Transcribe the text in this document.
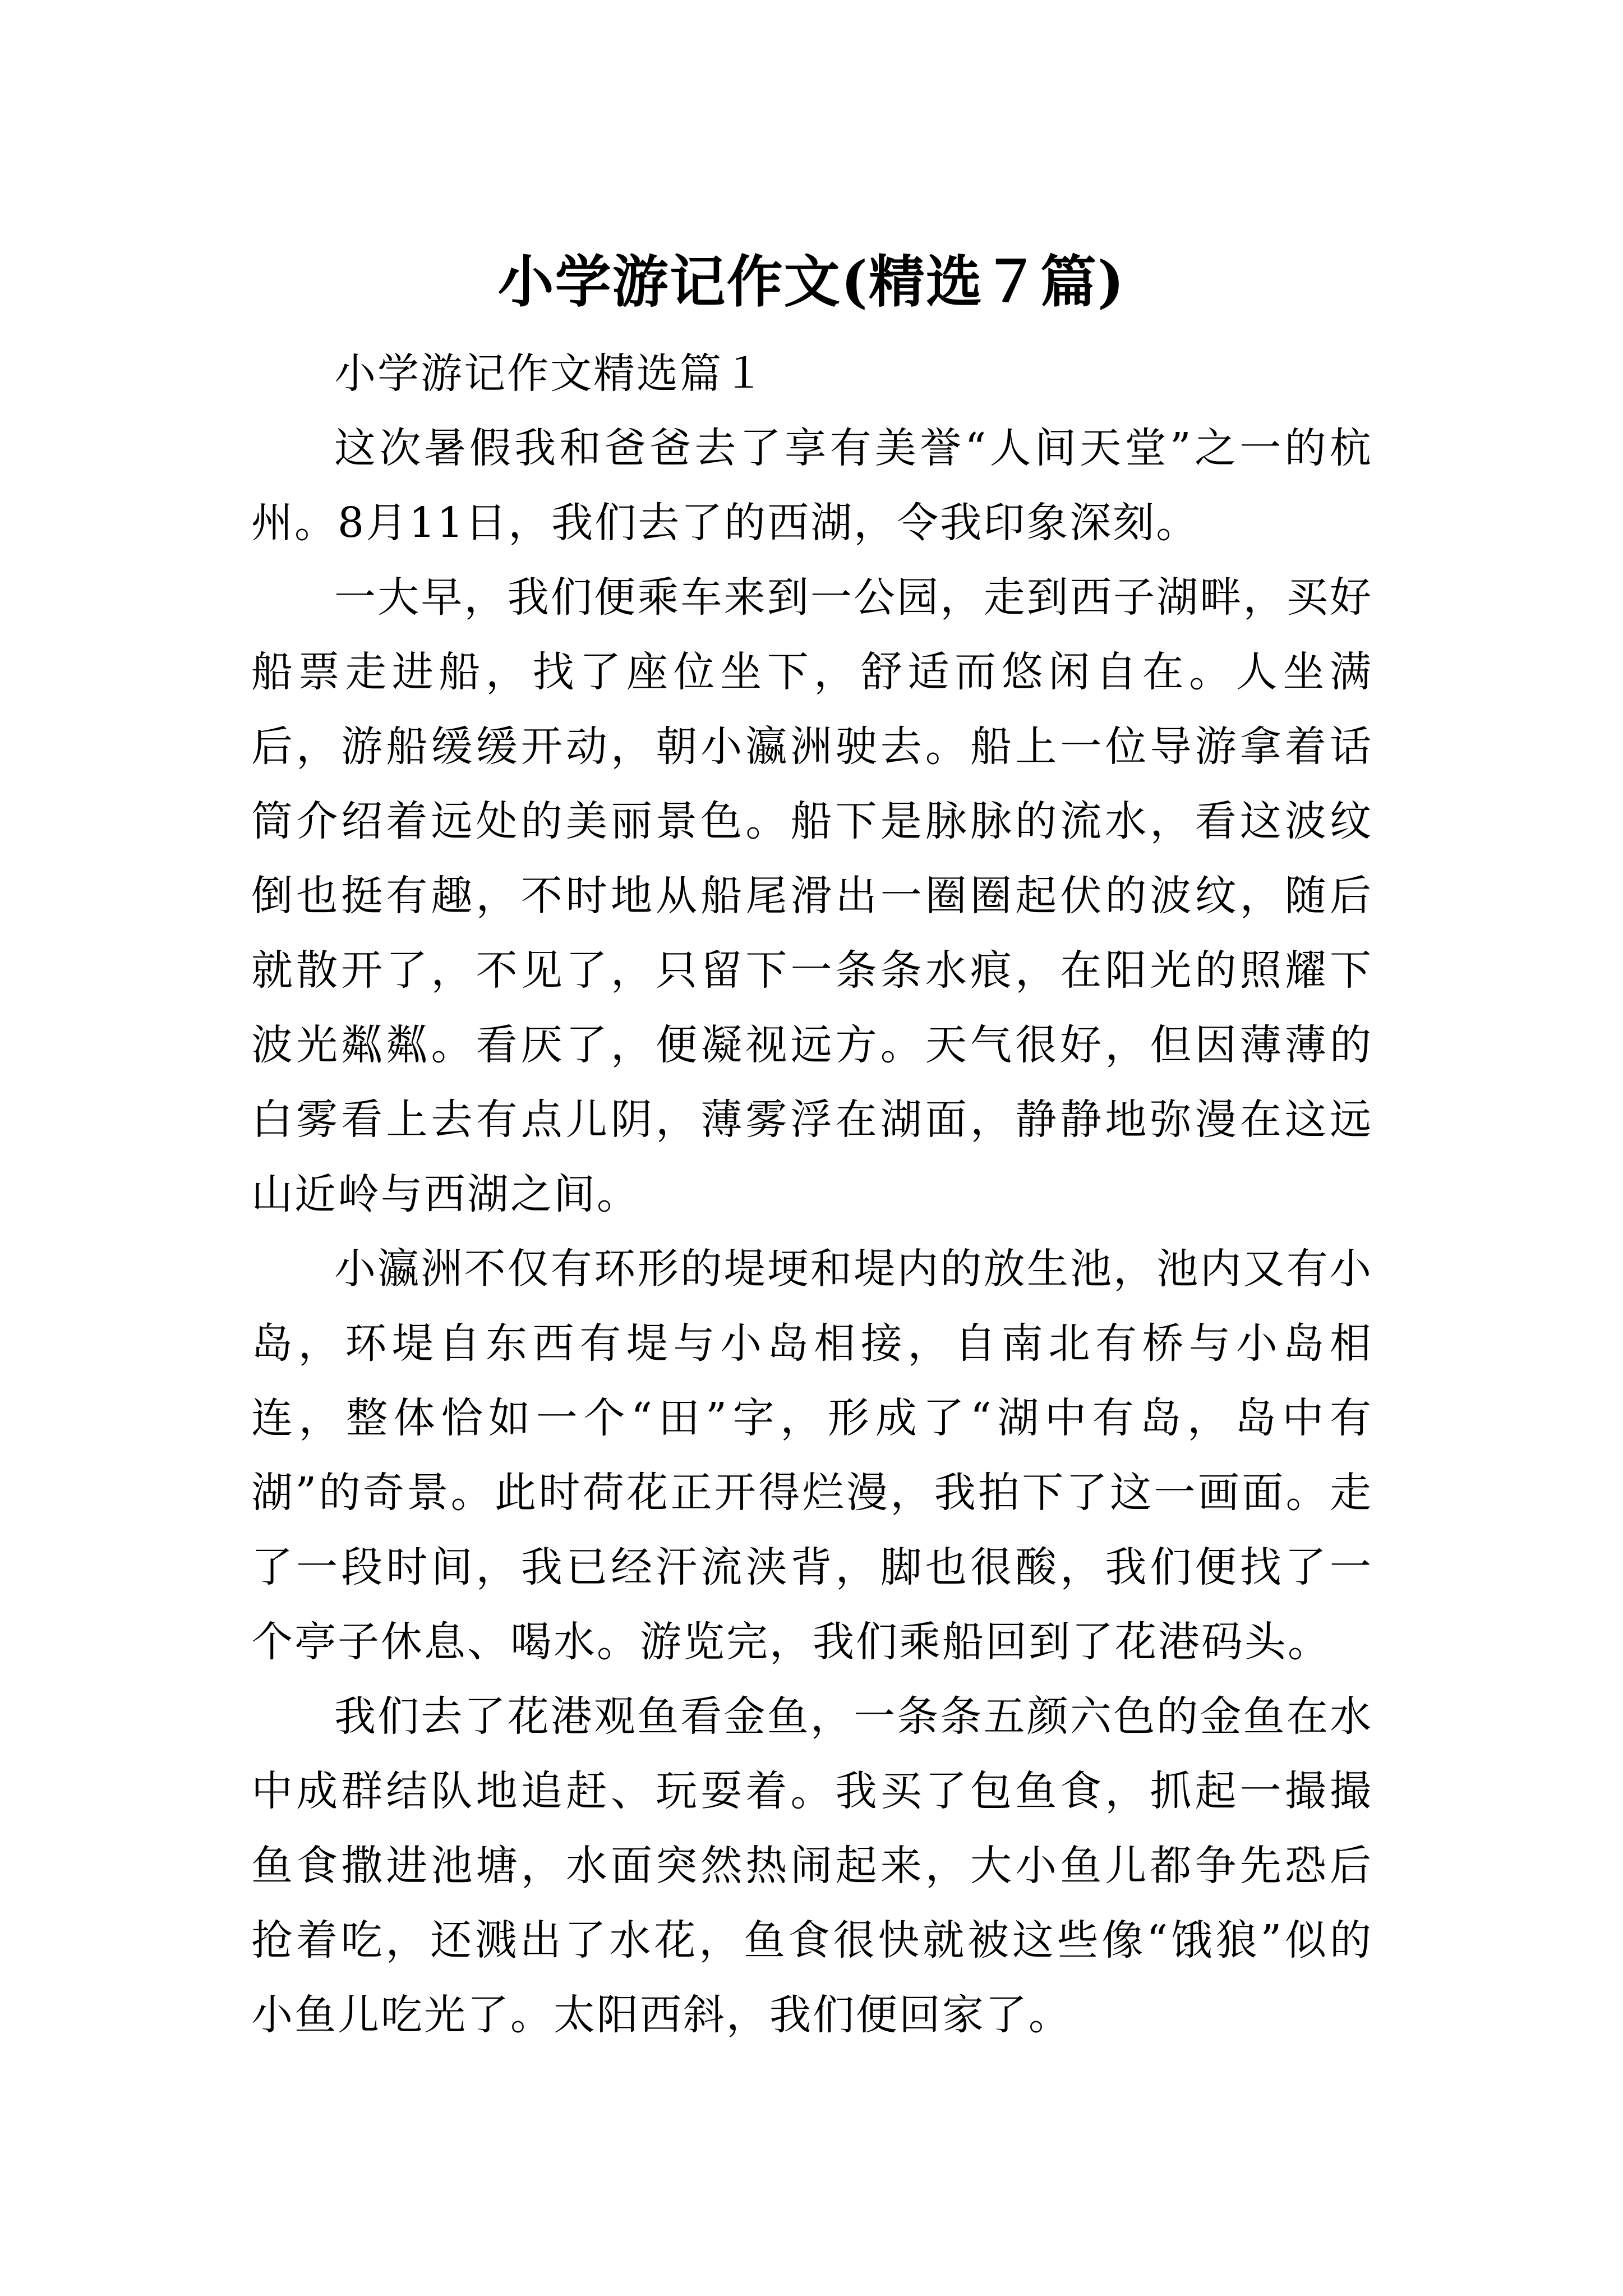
小学游记作文(精选７篇)

小学游记作文精选篇１

这次暑假我和爸爸去了享有美誉“人间天堂”之一的杭州。8月11日，我们去了的西湖，令我印象深刻。

一大早，我们便乘车来到一公园，走到西子湖畔，买好船票走进船，找了座位坐下，舒适而悠闲自在。人坐满后，游船缓缓开动，朝小瀛洲驶去。船上一位导游拿着话筒介绍着远处的美丽景色。船下是脉脉的流水，看这波纹倒也挺有趣，不时地从船尾滑出一圈圈起伏的波纹，随后就散开了，不见了，只留下一条条水痕，在阳光的照耀下波光粼粼。看厌了，便凝视远方。天气很好，但因薄薄的白雾看上去有点儿阴，薄雾浮在湖面，静静地弥漫在这远山近岭与西湖之间。

小瀛洲不仅有环形的堤埂和堤内的放生池，池内又有小岛，环堤自东西有堤与小岛相接，自南北有桥与小岛相连，整体恰如一个“田”字，形成了“湖中有岛，岛中有湖”的奇景。此时荷花正开得烂漫，我拍下了这一画面。走了一段时间，我已经汗流浃背，脚也很酸，我们便找了一个亭子休息、喝水。游览完，我们乘船回到了花港码头。

我们去了花港观鱼看金鱼，一条条五颜六色的金鱼在水中成群结队地追赶、玩耍着。我买了包鱼食，抓起一撮撮鱼食撒进池塘，水面突然热闹起来，大小鱼儿都争先恐后抢着吃，还溅出了水花，鱼食很快就被这些像“饿狼”似的小鱼儿吃光了。太阳西斜，我们便回家了。
